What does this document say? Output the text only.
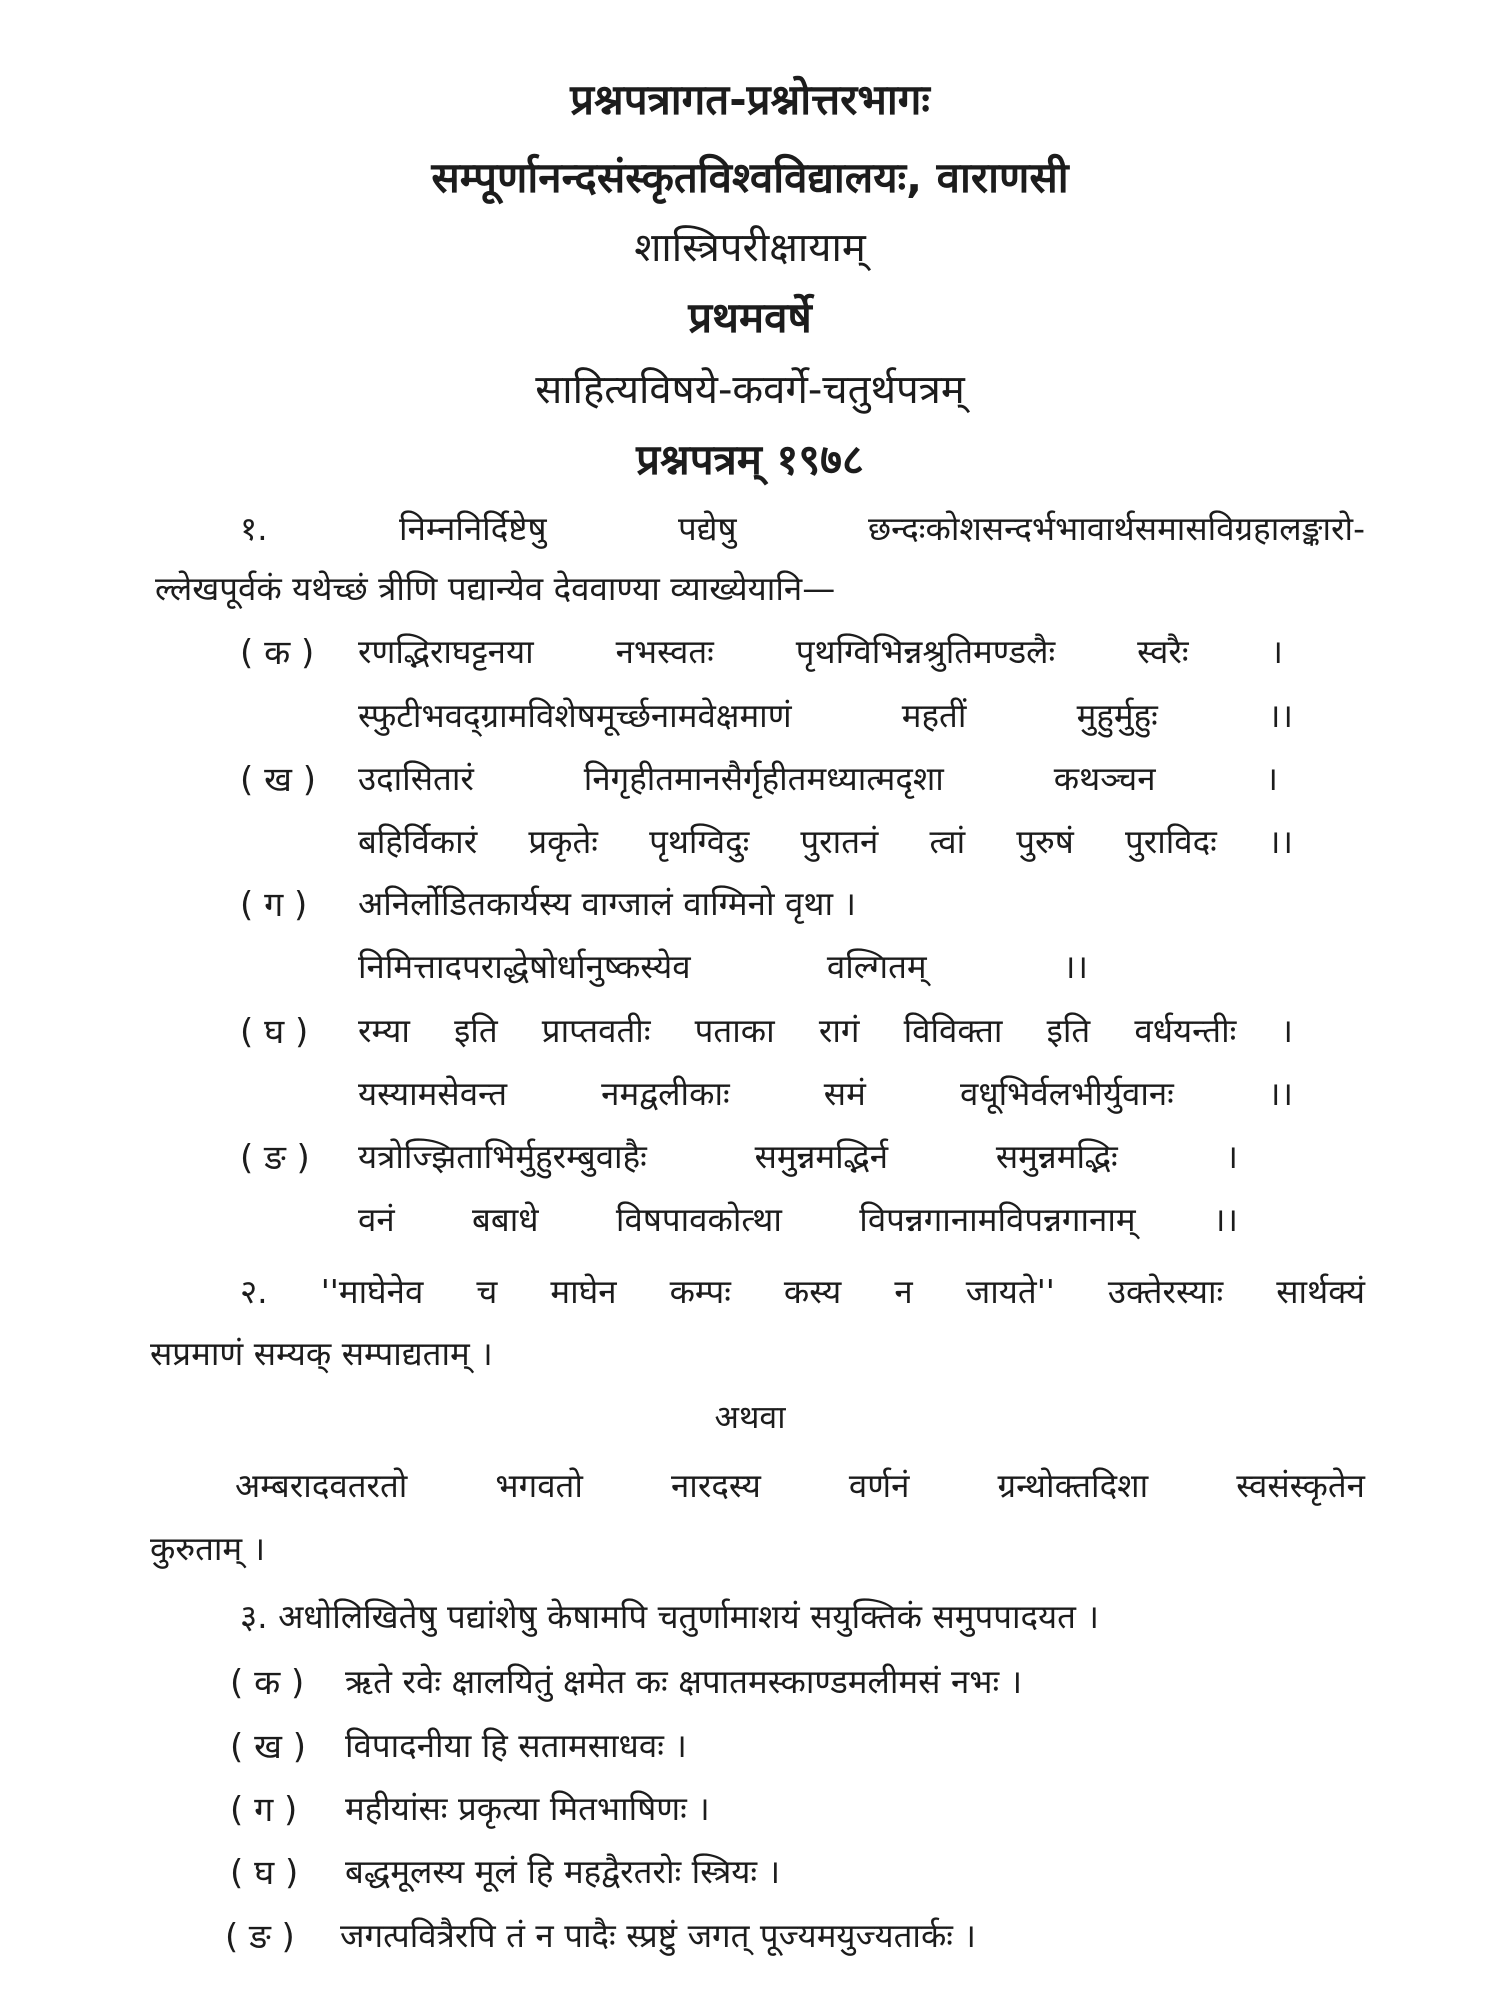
प्रश्नपत्रागत-प्रश्नोत्तरभागः
सम्पूर्णानन्दसंस्कृतविश्वविद्यालयः, वाराणसी
शास्त्रिपरीक्षायाम्
प्रथमवर्षे
साहित्यविषये-कवर्गे-चतुर्थपत्रम्
प्रश्नपत्रम् १९७८
१. निम्ननिर्दिष्टेषु पद्येषु छन्दःकोशसन्दर्भभावार्थसमासविग्रहालङ्कारो-
ल्लेखपूर्वकं यथेच्छं त्रीणि पद्यान्येव देववाण्या व्याख्येयानि—
( क ) रणद्भिराघट्टनया नभस्वतः पृथग्विभिन्नश्रुतिमण्डलैः स्वरैः ।
स्फुटीभवद्ग्रामविशेषमूर्च्छनामवेक्षमाणं महतीं मुहुर्मुहुः ।।
( ख ) उदासितारं निगृहीतमानसैर्गृहीतमध्यात्मदृशा कथञ्चन ।
बहिर्विकारं प्रकृतेः पृथग्विदुः पुरातनं त्वां पुरुषं पुराविदः ।।
( ग ) अनिर्लोडितकार्यस्य वाग्जालं वाग्मिनो वृथा ।
निमित्तादपराद्धेषोर्धानुष्कस्येव वल्गितम् ।।
( घ ) रम्या इति प्राप्तवतीः पताका रागं विविक्ता इति वर्धयन्तीः ।
यस्यामसेवन्त नमद्वलीकाः समं वधूभिर्वलभीर्युवानः ।।
( ङ ) यत्रोज्झिताभिर्मुहुरम्बुवाहैः समुन्नमद्भिर्न समुन्नमद्भिः ।
वनं बबाधे विषपावकोत्था विपन्नगानामविपन्नगानाम् ।।
२. ''माघेनेव च माघेन कम्पः कस्य न जायते'' उक्तेरस्याः सार्थक्यं
सप्रमाणं सम्यक् सम्पाद्यताम् ।
अथवा
अम्बरादवतरतो भगवतो नारदस्य वर्णनं ग्रन्थोक्तदिशा स्वसंस्कृतेन
कुरुताम् ।
३. अधोलिखितेषु पद्यांशेषु केषामपि चतुर्णामाशयं सयुक्तिकं समुपपादयत ।
( क ) ऋते रवेः क्षालयितुं क्षमेत कः क्षपातमस्काण्डमलीमसं नभः ।
( ख ) विपादनीया हि सतामसाधवः ।
( ग ) महीयांसः प्रकृत्या मितभाषिणः ।
( घ ) बद्धमूलस्य मूलं हि महद्वैरतरोः स्त्रियः ।
( ङ ) जगत्पवित्रैरपि तं न पादैः स्प्रष्टुं जगत् पूज्यमयुज्यतार्कः ।
